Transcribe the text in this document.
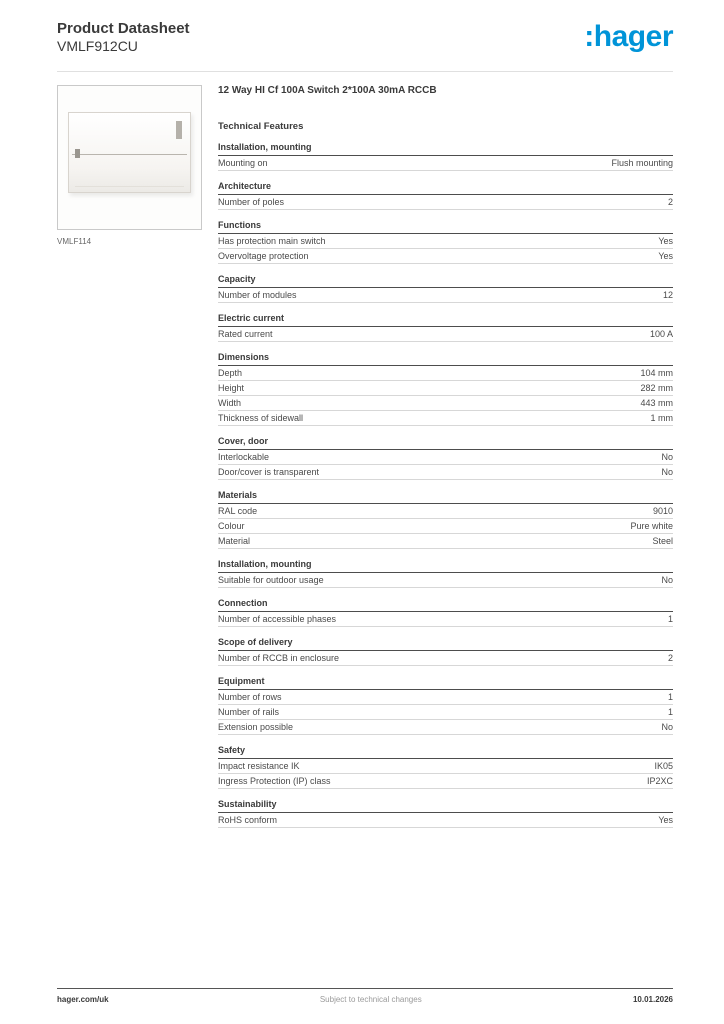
Product Datasheet
VMLF912CU	:hager
VMLF114
12 Way HI Cf 100A Switch 2*100A 30mA RCCB
Technical Features
Installation, mounting
Mounting on	Flush mounting
Architecture
Number of poles	2
Functions
Has protection main switch	Yes
Overvoltage protection	Yes
Capacity
Number of modules	12
Electric current
Rated current	100 A
Dimensions
Depth	104 mm
Height	282 mm
Width	443 mm
Thickness of sidewall	1 mm
Cover, door
Interlockable	No
Door/cover is transparent	No
Materials
RAL code	9010
Colour	Pure white
Material	Steel
Installation, mounting
Suitable for outdoor usage	No
Connection
Number of accessible phases	1
Scope of delivery
Number of RCCB in enclosure	2
Equipment
Number of rows	1
Number of rails	1
Extension possible	No
Safety
Impact resistance IK	IK05
Ingress Protection (IP) class	IP2XC
Sustainability
RoHS conform	Yes
hager.com/uk	Subject to technical changes	10.01.2026
